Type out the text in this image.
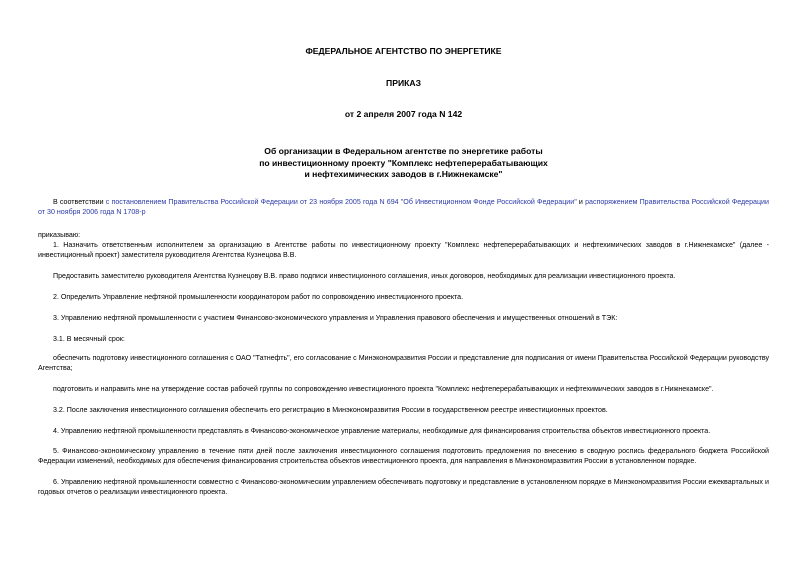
ФЕДЕРАЛЬНОЕ АГЕНТСТВО ПО ЭНЕРГЕТИКЕ
ПРИКАЗ
от 2 апреля 2007 года N 142
Об организации в Федеральном агентстве по энергетике работы
по инвестиционному проекту "Комплекс нефтеперерабатывающих
и нефтехимических заводов в г.Нижнекамске"
В соответствии с постановлением Правительства Российской Федерации от 23 ноября 2005 года N 694 "Об Инвестиционном Фонде Российской Федерации" и распоряжением Правительства Российской Федерации от 30 ноября 2006 года N 1708-р
приказываю:
1. Назначить ответственным исполнителем за организацию в Агентстве работы по инвестиционному проекту "Комплекс нефтеперерабатывающих и нефтехимических заводов в г.Нижнекамске" (далее - инвестиционный проект) заместителя руководителя Агентства Кузнецова В.В.
Предоставить заместителю руководителя Агентства Кузнецову В.В. право подписи инвестиционного соглашения, иных договоров, необходимых для реализации инвестиционного проекта.
2. Определить Управление нефтяной промышленности координатором работ по сопровождению инвестиционного проекта.
3. Управлению нефтяной промышленности с участием Финансово-экономического управления и Управления правового обеспечения и имущественных отношений в ТЭК:
3.1. В месячный срок:
обеспечить подготовку инвестиционного соглашения с ОАО "Татнефть", его согласование с Минэкономразвития России и представление для подписания от имени Правительства Российской Федерации руководству Агентства;
подготовить и направить мне на утверждение состав рабочей группы по сопровождению инвестиционного проекта "Комплекс нефтеперерабатывающих и нефтехимических заводов в г.Нижнекамске".
3.2. После заключения инвестиционного соглашения обеспечить его регистрацию в Минэкономразвития России в государственном реестре инвестиционных проектов.
4. Управлению нефтяной промышленности представлять в Финансово-экономическое управление материалы, необходимые для финансирования строительства объектов инвестиционного проекта.
5. Финансово-экономическому управлению в течение пяти дней после заключения инвестиционного соглашения подготовить предложения по внесению в сводную роспись федерального бюджета Российской Федерации изменений, необходимых для обеспечения финансирования строительства объектов инвестиционного проекта, для направления в Минэкономразвития России в установленном порядке.
6. Управлению нефтяной промышленности совместно с Финансово-экономическим управлением обеспечивать подготовку и представление в установленном порядке в Минэкономразвития России ежеквартальных и годовых отчетов о реализации инвестиционного проекта.
